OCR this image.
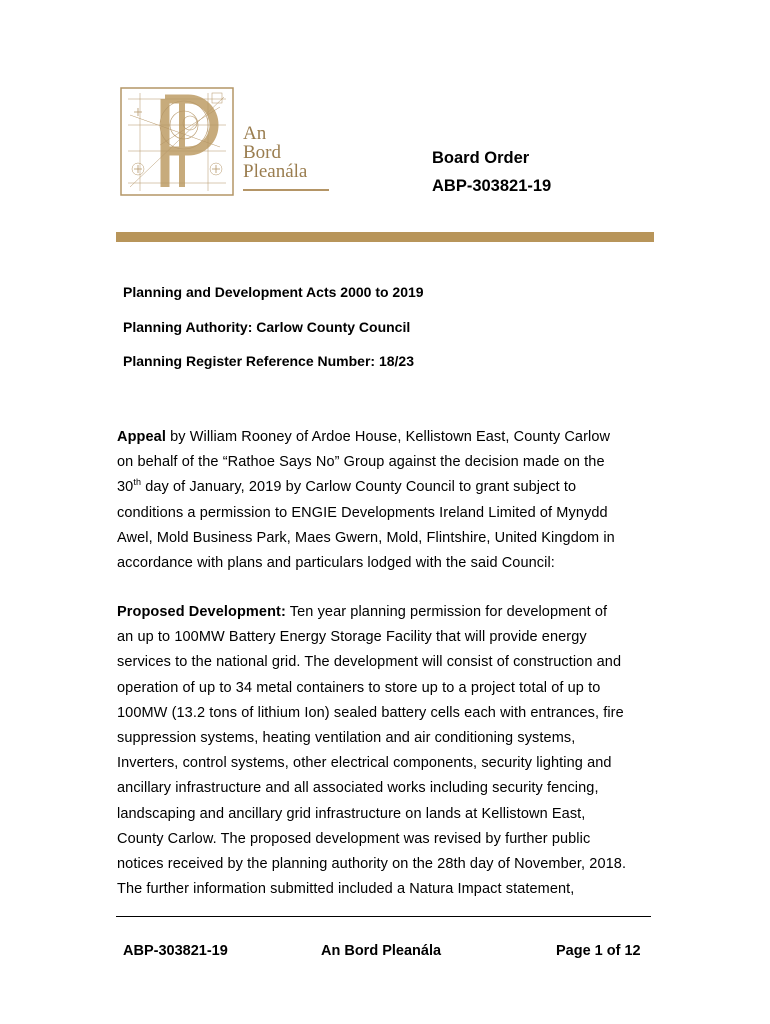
An
Bord
Pleanála
Board Order
ABP-303821-19
Planning and Development Acts 2000 to 2019
Planning Authority: Carlow County Council
Planning Register Reference Number: 18/23
Appeal by William Rooney of Ardoe House, Kellistown East, County Carlow
on behalf of the “Rathoe Says No” Group against the decision made on the
30th day of January, 2019 by Carlow County Council to grant subject to
conditions a permission to ENGIE Developments Ireland Limited of Mynydd
Awel, Mold Business Park, Maes Gwern, Mold, Flintshire, United Kingdom in
accordance with plans and particulars lodged with the said Council:
Proposed Development: Ten year planning permission for development of
an up to 100MW Battery Energy Storage Facility that will provide energy
services to the national grid. The development will consist of construction and
operation of up to 34 metal containers to store up to a project total of up to
100MW (13.2 tons of lithium Ion) sealed battery cells each with entrances, fire
suppression systems, heating ventilation and air conditioning systems,
Inverters, control systems, other electrical components, security lighting and
ancillary infrastructure and all associated works including security fencing,
landscaping and ancillary grid infrastructure on lands at Kellistown East,
County Carlow. The proposed development was revised by further public
notices received by the planning authority on the 28th day of November, 2018.
The further information submitted included a Natura Impact statement,
ABP-303821-19	An Bord Pleanála	Page 1 of 12
